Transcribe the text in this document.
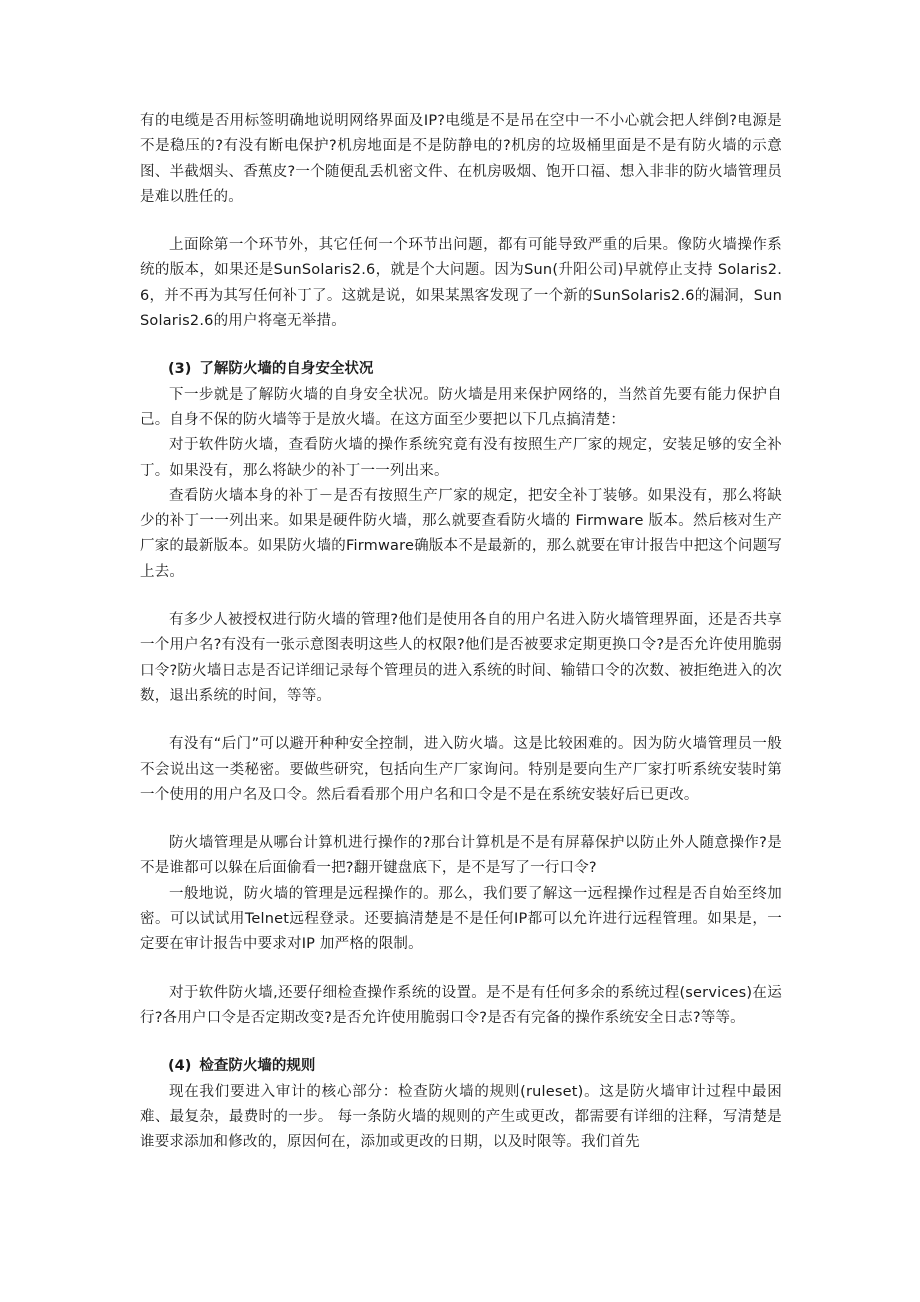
有的电缆是否用标签明确地说明网络界面及IP?电缆是不是吊在空中一不小心就会把人绊倒?电源是不是稳压的?有没有断电保护?机房地面是不是防静电的?机房的垃圾桶里面是不是有防火墙的示意图、半截烟头、香蕉皮?一个随便乱丢机密文件、在机房吸烟、饱开口福、想入非非的防火墙管理员是难以胜任的。

上面除第一个环节外，其它任何一个环节出问题，都有可能导致严重的后果。像防火墙操作系统的版本，如果还是SunSolaris2.6，就是个大问题。因为Sun(升阳公司)早就停止支持 Solaris2.6，并不再为其写任何补丁了。这就是说，如果某黑客发现了一个新的SunSolaris2.6的漏洞，SunSolaris2.6的用户将毫无举措。

(3) 了解防火墙的自身安全状况

下一步就是了解防火墙的自身安全状况。防火墙是用来保护网络的，当然首先要有能力保护自己。自身不保的防火墙等于是放火墙。在这方面至少要把以下几点搞清楚：

对于软件防火墙，查看防火墙的操作系统究竟有没有按照生产厂家的规定，安装足够的安全补丁。如果没有，那么将缺少的补丁一一列出来。

查看防火墙本身的补丁－是否有按照生产厂家的规定，把安全补丁装够。如果没有，那么将缺少的补丁一一列出来。如果是硬件防火墙，那么就要查看防火墙的 Firmware 版本。然后核对生产厂家的最新版本。如果防火墙的Firmware确版本不是最新的，那么就要在审计报告中把这个问题写上去。

有多少人被授权进行防火墙的管理?他们是使用各自的用户名进入防火墙管理界面，还是否共享一个用户名?有没有一张示意图表明这些人的权限?他们是否被要求定期更换口令?是否允许使用脆弱口令?防火墙日志是否记详细记录每个管理员的进入系统的时间、输错口令的次数、被拒绝进入的次数，退出系统的时间，等等。

有没有“后门”可以避开种种安全控制，进入防火墙。这是比较困难的。因为防火墙管理员一般不会说出这一类秘密。要做些研究，包括向生产厂家询问。特别是要向生产厂家打听系统安装时第一个使用的用户名及口令。然后看看那个用户名和口令是不是在系统安装好后已更改。

防火墙管理是从哪台计算机进行操作的?那台计算机是不是有屏幕保护以防止外人随意操作?是不是谁都可以躲在后面偷看一把?翻开键盘底下，是不是写了一行口令?

一般地说，防火墙的管理是远程操作的。那么，我们要了解这一远程操作过程是否自始至终加密。可以试试用Telnet远程登录。还要搞清楚是不是任何IP都可以允许进行远程管理。如果是，一定要在审计报告中要求对IP 加严格的限制。

对于软件防火墙,还要仔细检查操作系统的设置。是不是有任何多余的系统过程(services)在运行?各用户口令是否定期改变?是否允许使用脆弱口令?是否有完备的操作系统安全日志?等等。

(4) 检查防火墙的规则

现在我们要进入审计的核心部分：检查防火墙的规则(ruleset)。这是防火墙审计过程中最困难、最复杂，最费时的一步。 每一条防火墙的规则的产生或更改，都需要有详细的注释，写清楚是谁要求添加和修改的，原因何在，添加或更改的日期，以及时限等。我们首先
